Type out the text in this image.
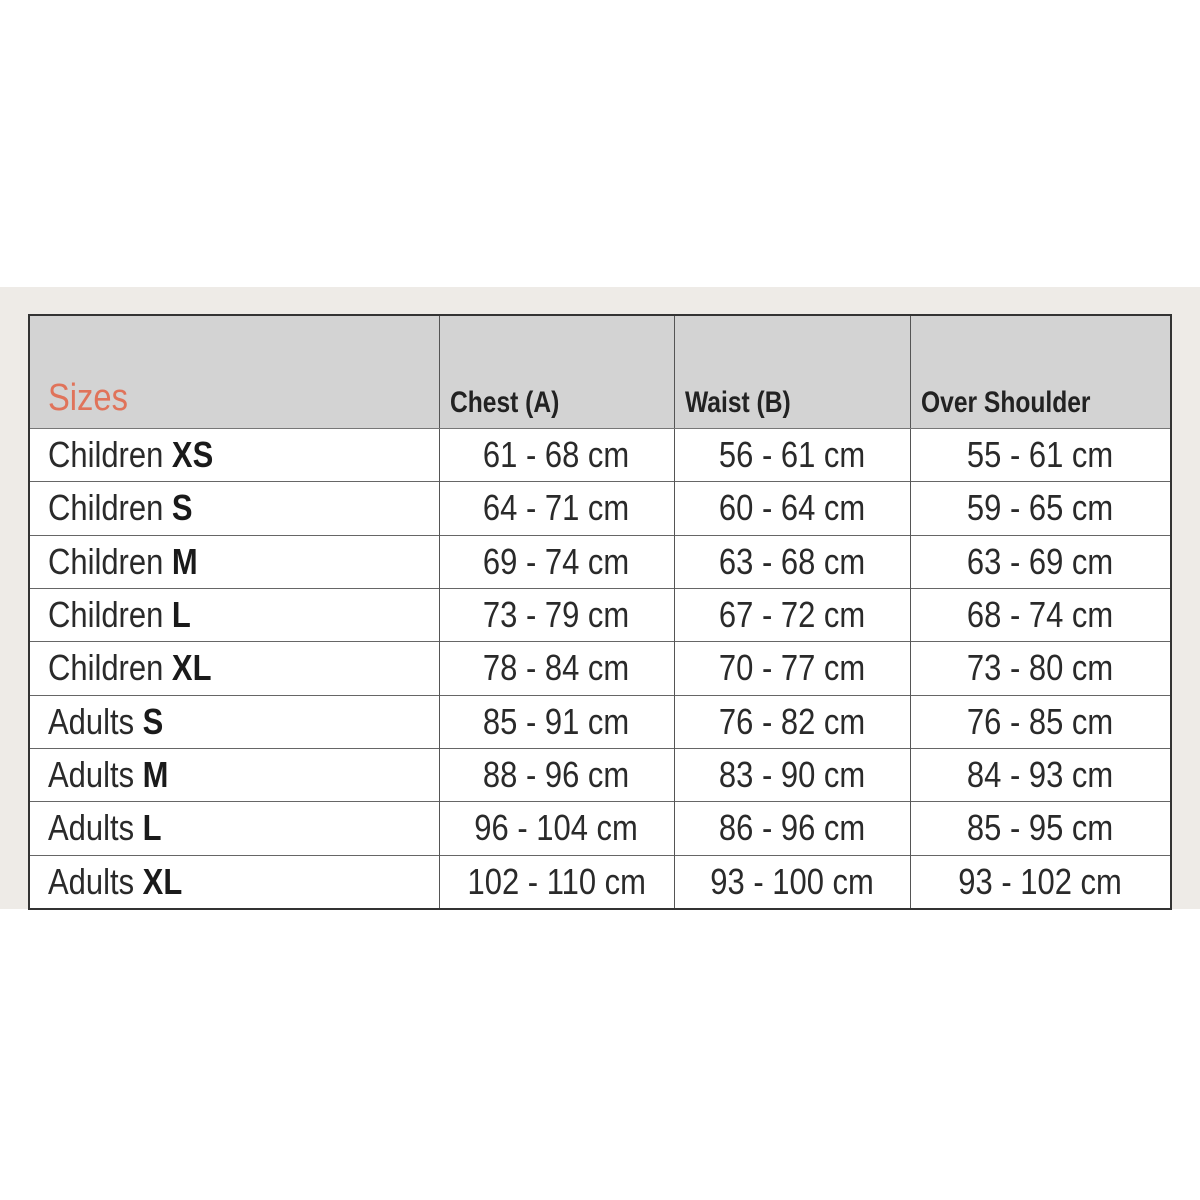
Sizes	Chest (A)	Waist (B)	Over Shoulder
Children XS	61 - 68 cm	56 - 61 cm	55 - 61 cm
Children S	64 - 71 cm	60 - 64 cm	59 - 65 cm
Children M	69 - 74 cm	63 - 68 cm	63 - 69 cm
Children L	73 - 79 cm	67 - 72 cm	68 - 74 cm
Children XL	78 - 84 cm	70 - 77 cm	73 - 80 cm
Adults S	85 - 91 cm	76 - 82 cm	76 - 85 cm
Adults M	88 - 96 cm	83 - 90 cm	84 - 93 cm
Adults L	96 - 104 cm	86 - 96 cm	85 - 95 cm
Adults XL	102 - 110 cm	93 - 100 cm	93 - 102 cm
